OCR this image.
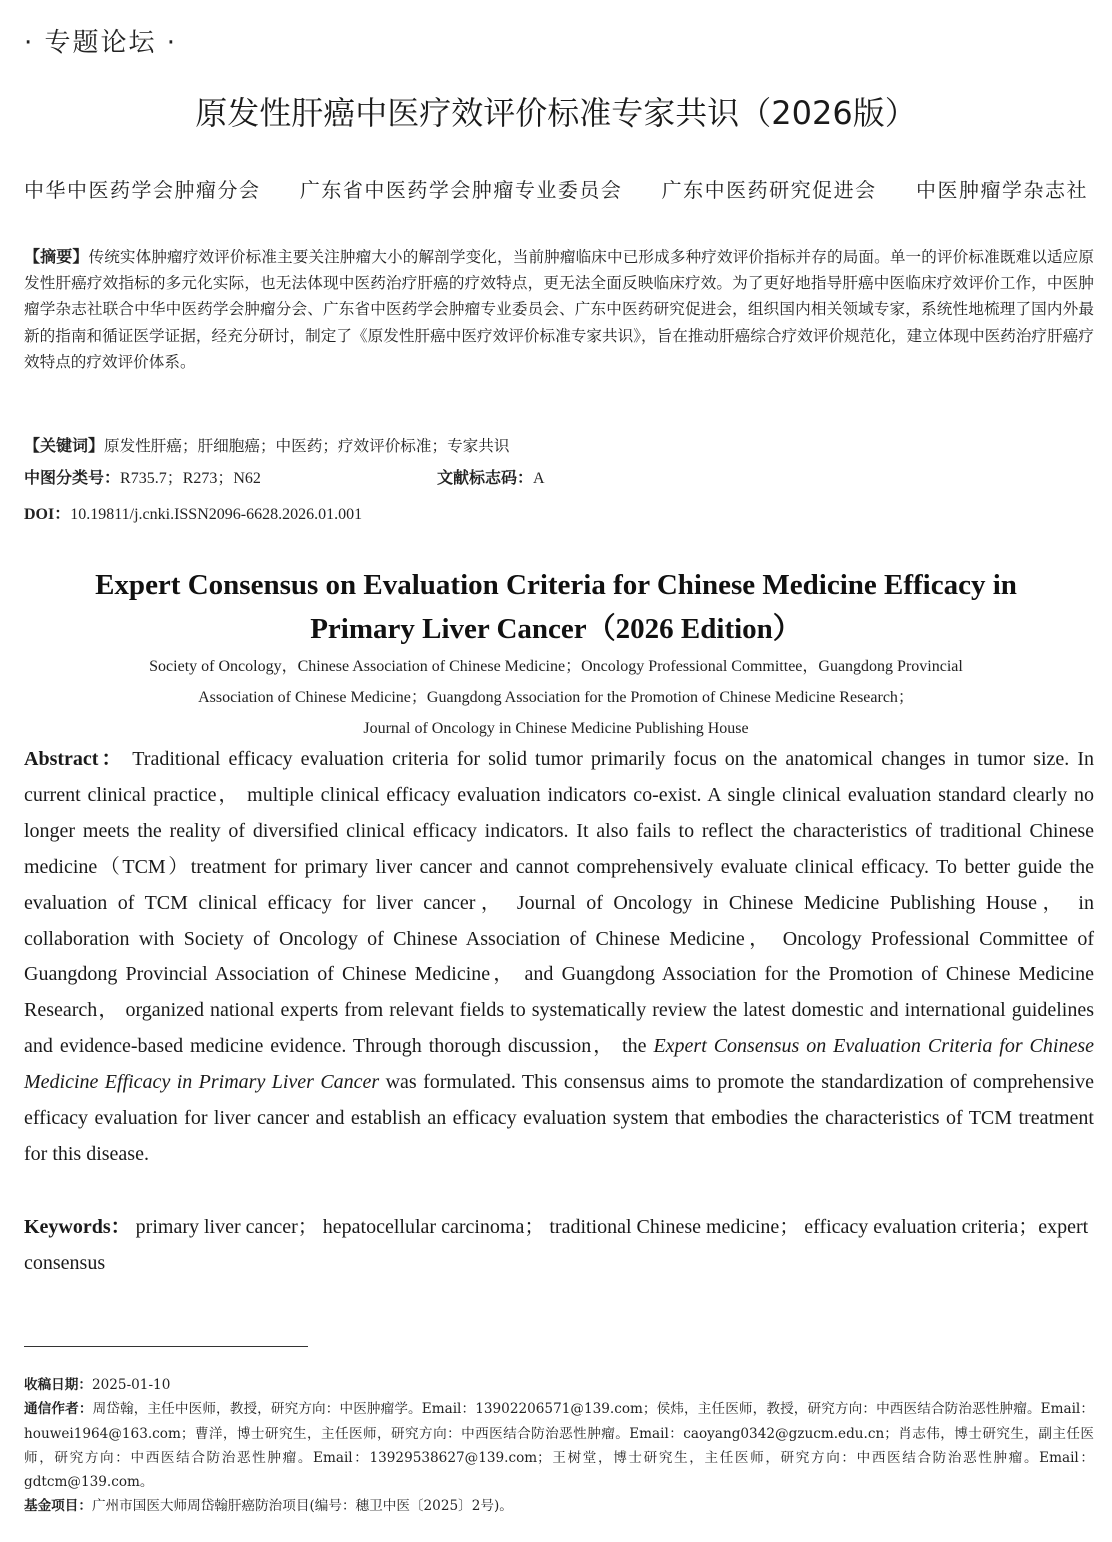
· 专题论坛 ·
原发性肝癌中医疗效评价标准专家共识（2026版）
中华中医药学会肿瘤分会 广东省中医药学会肿瘤专业委员会 广东中医药研究促进会 中医肿瘤学杂志社
【摘要】传统实体肿瘤疗效评价标准主要关注肿瘤大小的解剖学变化，当前肿瘤临床中已形成多种疗效评价指标并存的局面。单一的评价标准既难以适应原发性肝癌疗效指标的多元化实际，也无法体现中医药治疗肝癌的疗效特点，更无法全面反映临床疗效。为了更好地指导肝癌中医临床疗效评价工作，中医肿瘤学杂志社联合中华中医药学会肿瘤分会、广东省中医药学会肿瘤专业委员会、广东中医药研究促进会，组织国内相关领域专家，系统性地梳理了国内外最新的指南和循证医学证据，经充分研讨，制定了《原发性肝癌中医疗效评价标准专家共识》，旨在推动肝癌综合疗效评价规范化，建立体现中医药治疗肝癌疗效特点的疗效评价体系。
【关键词】原发性肝癌；肝细胞癌；中医药；疗效评价标准；专家共识
中图分类号：R735.7；R273；N62	文献标志码：A
DOI：10.19811/j.cnki.ISSN2096-6628.2026.01.001
Expert Consensus on Evaluation Criteria for Chinese Medicine Efficacy in Primary Liver Cancer（2026 Edition）
Society of Oncology，Chinese Association of Chinese Medicine；Oncology Professional Committee，Guangdong Provincial
Association of Chinese Medicine；Guangdong Association for the Promotion of Chinese Medicine Research；
Journal of Oncology in Chinese Medicine Publishing House
Abstract： Traditional efficacy evaluation criteria for solid tumor primarily focus on the anatomical changes in tumor size. In current clinical practice， multiple clinical efficacy evaluation indicators co-exist. A single clinical evaluation standard clearly no longer meets the reality of diversified clinical efficacy indicators. It also fails to reflect the characteristics of traditional Chinese medicine（TCM）treatment for primary liver cancer and cannot comprehensively evaluate clinical efficacy. To better guide the evaluation of TCM clinical efficacy for liver cancer， Journal of Oncology in Chinese Medicine Publishing House， in collaboration with Society of Oncology of Chinese Association of Chinese Medicine， Oncology Professional Committee of Guangdong Provincial Association of Chinese Medicine， and Guangdong Association for the Promotion of Chinese Medicine Research， organized national experts from relevant fields to systematically review the latest domestic and international guidelines and evidence-based medicine evidence. Through thorough discussion， the Expert Consensus on Evaluation Criteria for Chinese Medicine Efficacy in Primary Liver Cancer was formulated. This consensus aims to promote the standardization of comprehensive efficacy evaluation for liver cancer and establish an efficacy evaluation system that embodies the characteristics of TCM treatment for this disease.
Keywords： primary liver cancer； hepatocellular carcinoma； traditional Chinese medicine； efficacy evaluation criteria；expert consensus

收稿日期：2025-01-10

通信作者：周岱翰，主任中医师，教授，研究方向：中医肿瘤学。Email：13902206571@139.com；侯炜，主任医师，教授，研究方向：中西医结合防治恶性肿瘤。Email：houwei1964@163.com；曹洋，博士研究生，主任医师，研究方向：中西医结合防治恶性肿瘤。Email：caoyang0342@gzucm.edu.cn；肖志伟，博士研究生，副主任医师，研究方向：中西医结合防治恶性肿瘤。Email：13929538627@139.com；王树堂，博士研究生，主任医师，研究方向：中西医结合防治恶性肿瘤。Email：gdtcm@139.com。

基金项目：广州市国医大师周岱翰肝癌防治项目(编号：穗卫中医〔2025〕2号)。
